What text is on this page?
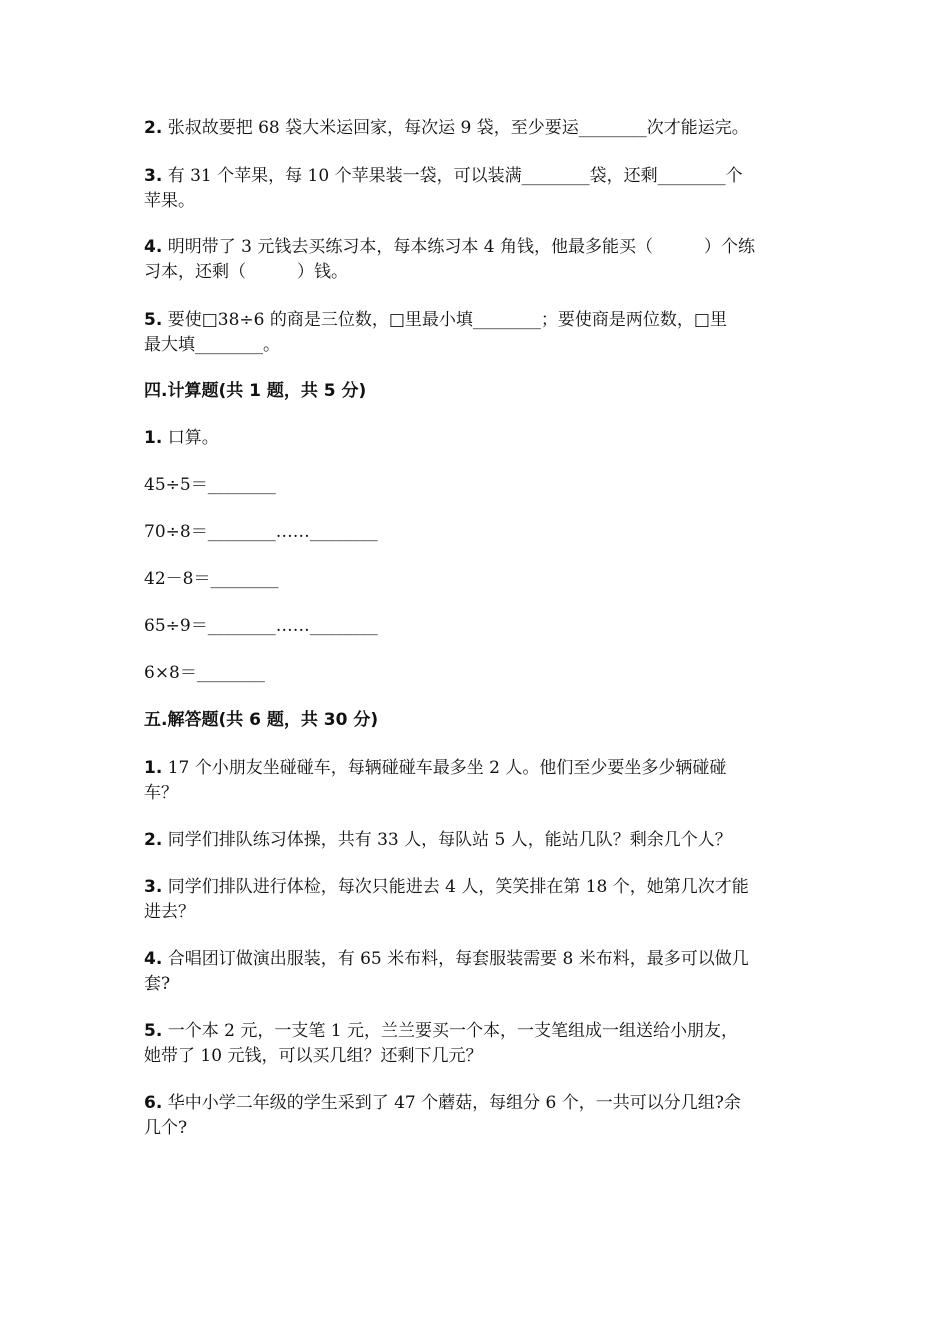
2. 张叔故要把 68 袋大米运回家，每次运 9 袋，至少要运________次才能运完。
3. 有 31 个苹果，每 10 个苹果装一袋，可以装满________袋，还剩________个
苹果。
4. 明明带了 3 元钱去买练习本，每本练习本 4 角钱，他最多能买（　　　）个练
习本，还剩（　　　）钱。
5. 要使□38÷6 的商是三位数，□里最小填________；要使商是两位数，□里
最大填________。
四.计算题(共 1 题，共 5 分)
1. 口算。
45÷5＝________
70÷8＝________……________
42－8＝________
65÷9＝________……________
6×8＝________
五.解答题(共 6 题，共 30 分)
1. 17 个小朋友坐碰碰车，每辆碰碰车最多坐 2 人。他们至少要坐多少辆碰碰
车？
2. 同学们排队练习体操，共有 33 人，每队站 5 人，能站几队？剩余几个人？
3. 同学们排队进行体检，每次只能进去 4 人，笑笑排在第 18 个，她第几次才能
进去？
4. 合唱团订做演出服装，有 65 米布料，每套服装需要 8 米布料，最多可以做几
套?
5. 一个本 2 元，一支笔 1 元，兰兰要买一个本，一支笔组成一组送给小朋友，
她带了 10 元钱，可以买几组？还剩下几元？
6. 华中小学二年级的学生采到了 47 个蘑菇，每组分 6 个，一共可以分几组?余
几个?
